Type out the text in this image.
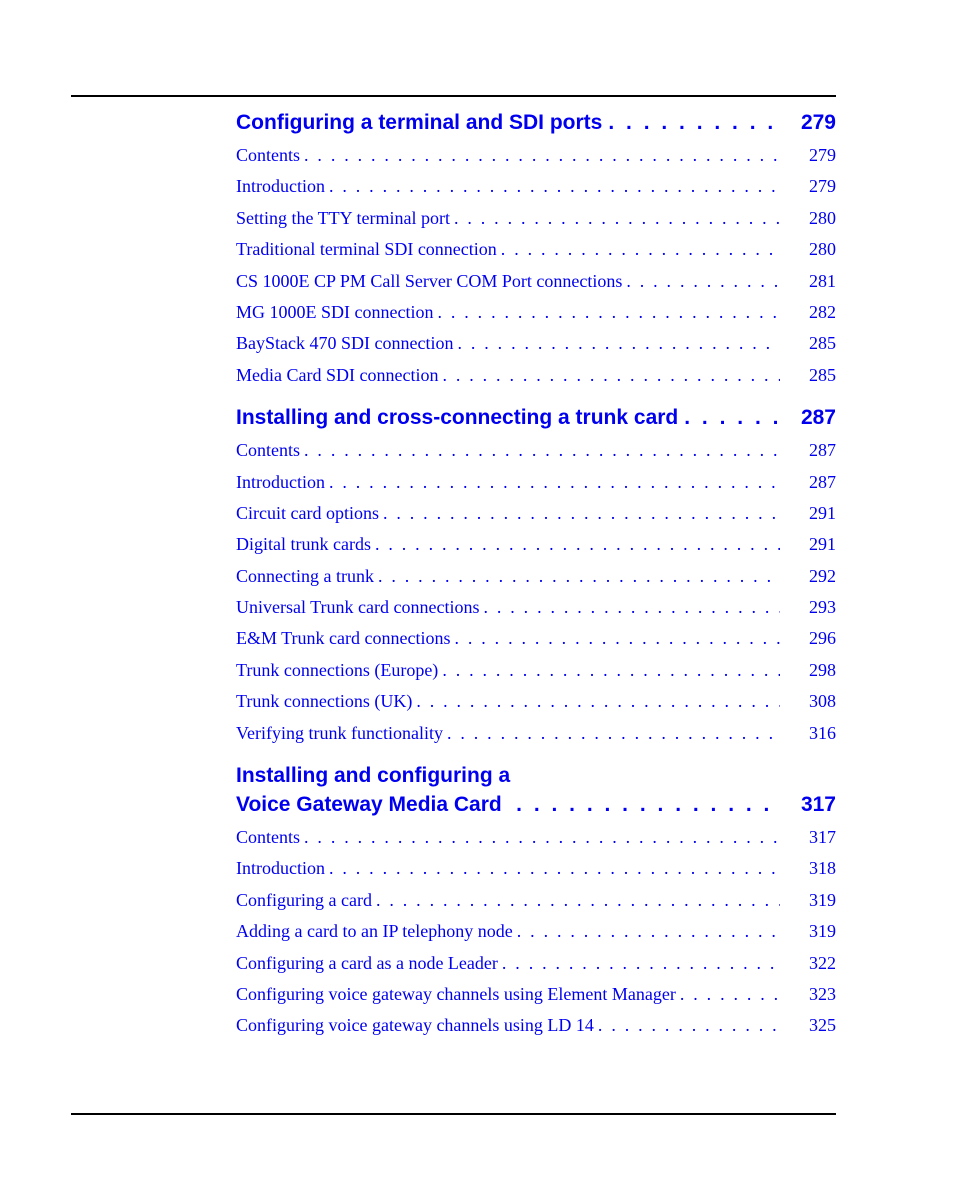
Configuring a terminal and SDI ports . . .	279
Contents . . .	279
Introduction . . .	279
Setting the TTY terminal port . . .	280
Traditional terminal SDI connection . . .	280
CS 1000E CP PM Call Server COM Port connections . . .	281
MG 1000E SDI connection . . .	282
BayStack 470 SDI connection . . .	285
Media Card SDI connection . . .	285
Installing and cross-connecting a trunk card . . .	287
Contents . . .	287
Introduction . . .	287
Circuit card options . . .	291
Digital trunk cards . . .	291
Connecting a trunk . . .	292
Universal Trunk card connections . . .	293
E&M Trunk card connections . . .	296
Trunk connections (Europe) . . .	298
Trunk connections (UK) . . .	308
Verifying trunk functionality . . .	316
Installing and configuring a
Voice Gateway Media Card . . .	317
Contents . . .	317
Introduction . . .	318
Configuring a card . . .	319
Adding a card to an IP telephony node . . .	319
Configuring a card as a node Leader . . .	322
Configuring voice gateway channels using Element Manager . . .	323
Configuring voice gateway channels using LD 14 . . .	325
